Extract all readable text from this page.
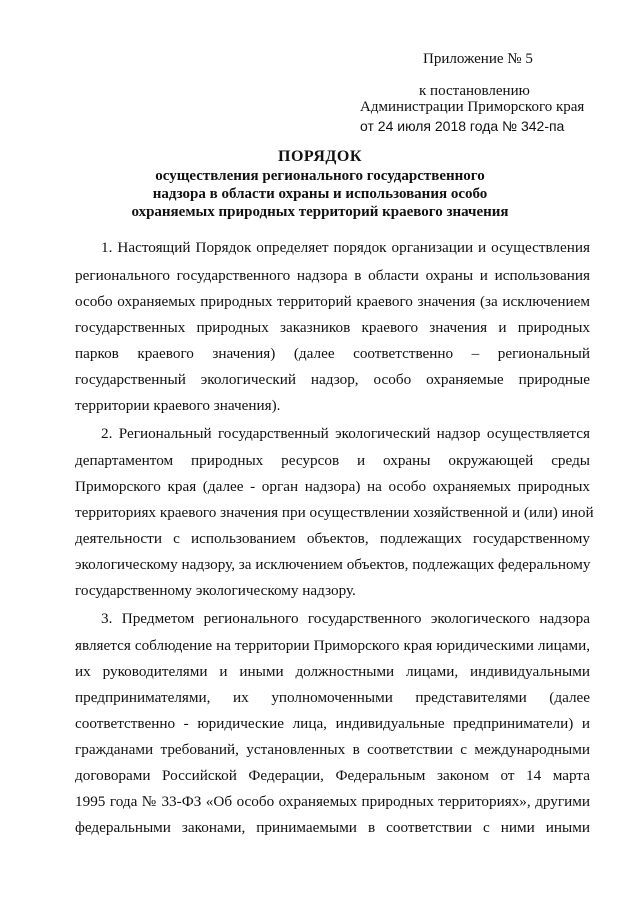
Приложение № 5
к постановлению
Администрации Приморского края
от 24 июля 2018 года № 342-па
ПОРЯДОК
осуществления регионального государственного
надзора в области охраны и использования особо
охраняемых природных территорий краевого значения
1. Настоящий Порядок определяет порядок организации и осуществления
регионального государственного надзора в области охраны и использования
особо охраняемых природных территорий краевого значения (за исключением
государственных природных заказников краевого значения и природных
парков краевого значения) (далее соответственно – региональный
государственный экологический надзор, особо охраняемые природные
территории краевого значения).
2. Региональный государственный экологический надзор осуществляется
департаментом природных ресурсов и охраны окружающей среды
Приморского края (далее - орган надзора) на особо охраняемых природных
территориях краевого значения при осуществлении хозяйственной и (или) иной
деятельности с использованием объектов, подлежащих государственному
экологическому надзору, за исключением объектов, подлежащих федеральному
государственному экологическому надзору.
3. Предметом регионального государственного экологического надзора
является соблюдение на территории Приморского края юридическими лицами,
их руководителями и иными должностными лицами, индивидуальными
предпринимателями, их уполномоченными представителями (далее
соответственно - юридические лица, индивидуальные предприниматели) и
гражданами требований, установленных в соответствии с международными
договорами Российской Федерации, Федеральным законом от 14 марта
1995 года № 33-ФЗ «Об особо охраняемых природных территориях», другими
федеральными законами, принимаемыми в соответствии с ними иными
